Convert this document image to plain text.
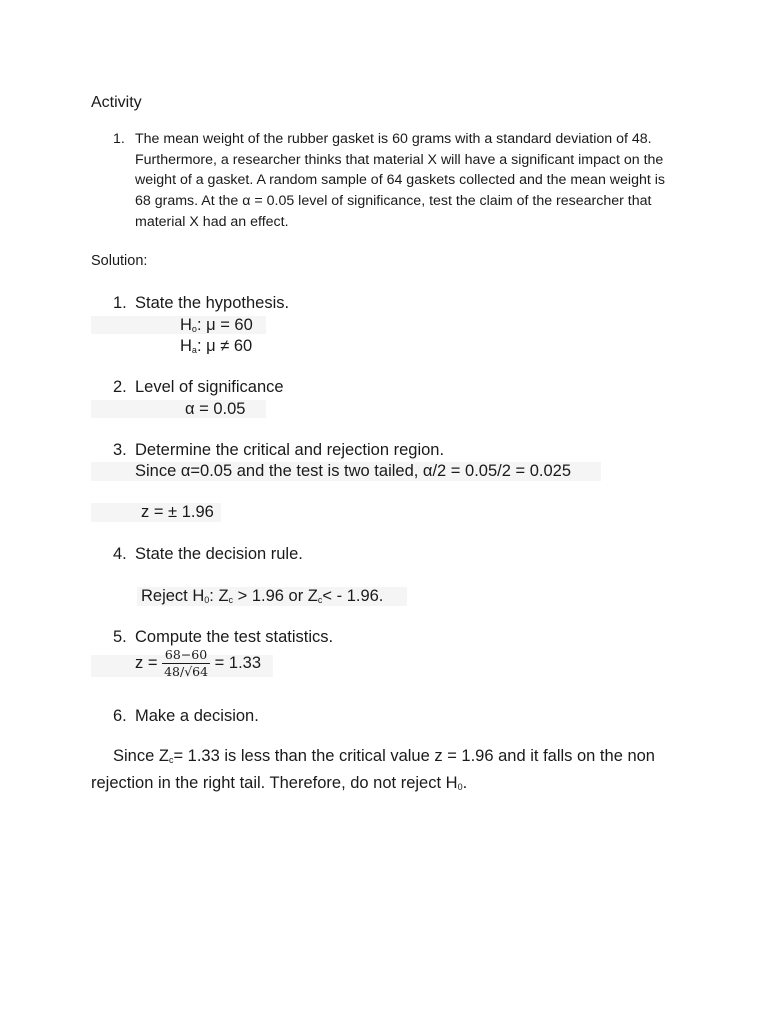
Activity
1. The mean weight of the rubber gasket is 60 grams with a standard deviation of 48. Furthermore, a researcher thinks that material X will have a significant impact on the weight of a gasket. A random sample of 64 gaskets collected and the mean weight is 68 grams. At the α = 0.05 level of significance, test the claim of the researcher that material X had an effect.
Solution:
1. State the hypothesis.
$H_o$: μ = 60
$H_a$: μ ≠ 60
2. Level of significance
α = 0.05
3. Determine the critical and rejection region.
Since α=0.05 and the test is two tailed, α/2 = 0.05/2 = 0.025
z = ± 1.96
4. State the decision rule.
Reject $H_0$: $Z_c > 1.96$ or $Z_c< - 1.96$.
5. Compute the test statistics.
$z = \frac{68-60}{48/√64} = 1.33$
6. Make a decision.
Since $Z_c= 1.33$ is less than the critical value z = 1.96 and it falls on the non rejection in the right tail. Therefore, do not reject $H_0$.
